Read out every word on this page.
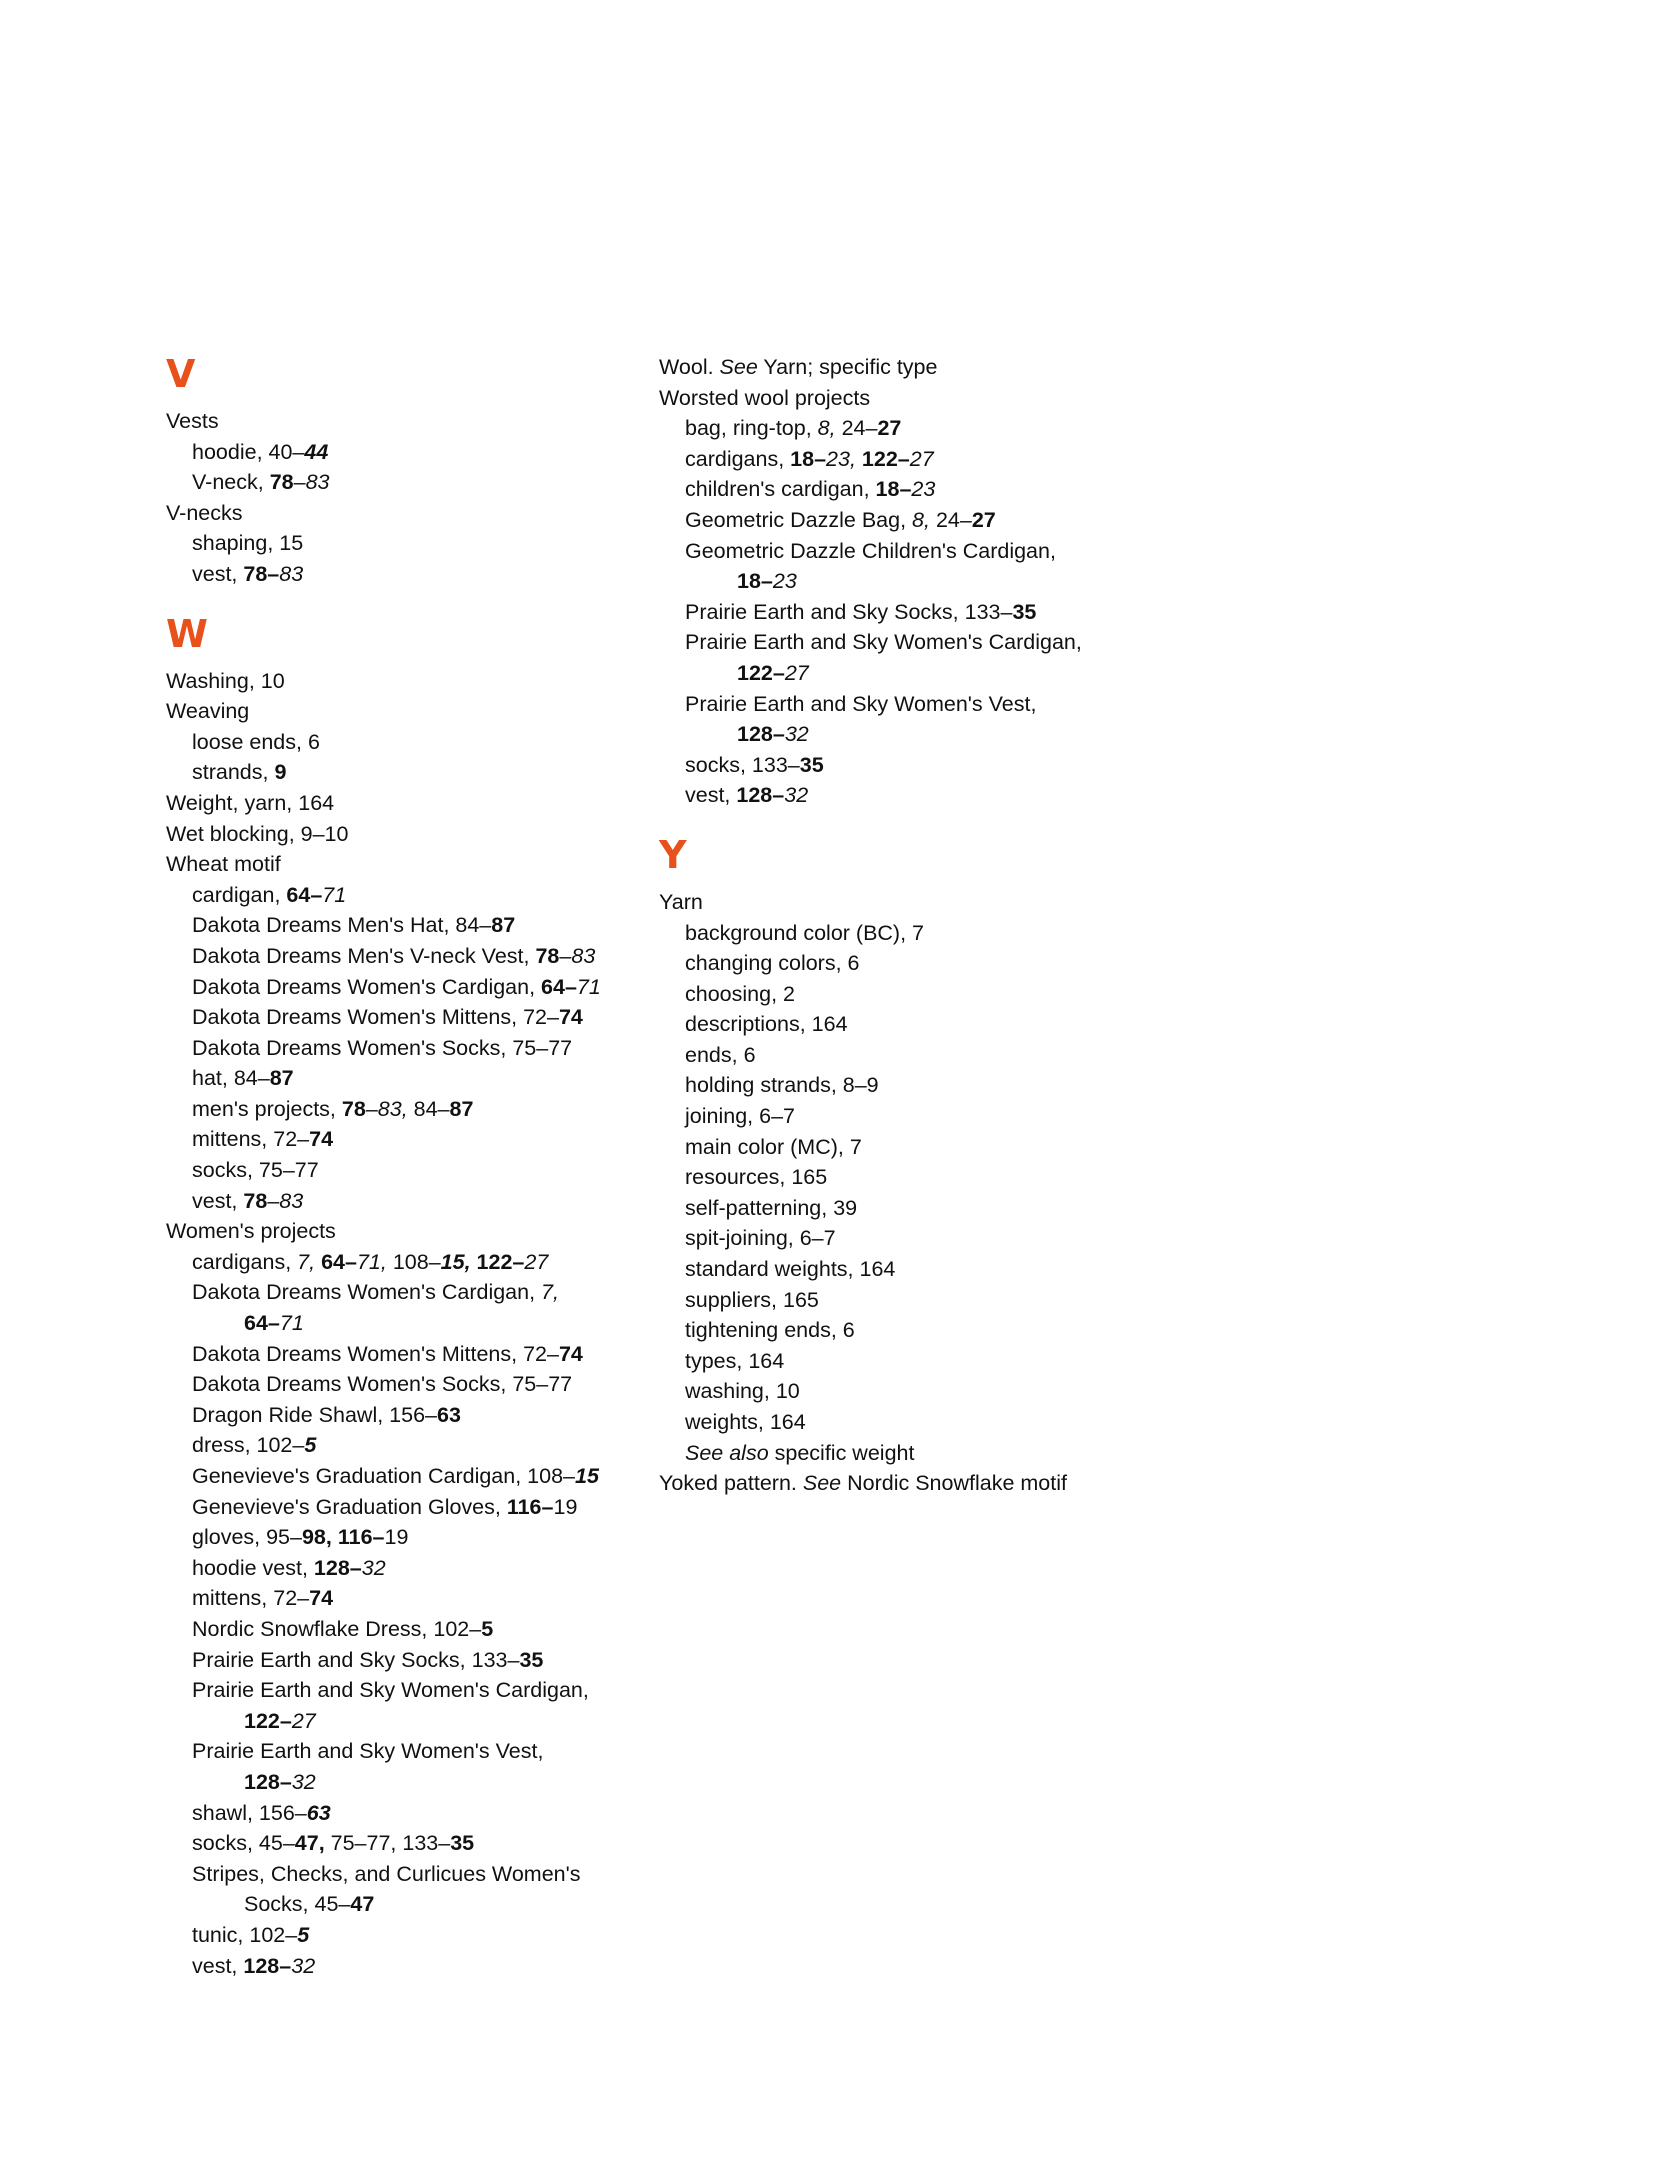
V
Vests
hoodie, 40–44
V-neck, 78–83
V-necks
shaping, 15
vest, 78–83
W
Washing, 10
Weaving
loose ends, 6
strands, 9
Weight, yarn, 164
Wet blocking, 9–10
Wheat motif
cardigan, 64–71
Dakota Dreams Men's Hat, 84–87
Dakota Dreams Men's V-neck Vest, 78–83
Dakota Dreams Women's Cardigan, 64–71
Dakota Dreams Women's Mittens, 72–74
Dakota Dreams Women's Socks, 75–77
hat, 84–87
men's projects, 78–83, 84–87
mittens, 72–74
socks, 75–77
vest, 78–83
Women's projects
cardigans, 7, 64–71, 108–15, 122–27
Dakota Dreams Women's Cardigan, 7,
64–71
Dakota Dreams Women's Mittens, 72–74
Dakota Dreams Women's Socks, 75–77
Dragon Ride Shawl, 156–63
dress, 102–5
Genevieve's Graduation Cardigan, 108–15
Genevieve's Graduation Gloves, 116–19
gloves, 95–98, 116–19
hoodie vest, 128–32
mittens, 72–74
Nordic Snowflake Dress, 102–5
Prairie Earth and Sky Socks, 133–35
Prairie Earth and Sky Women's Cardigan,
122–27
Prairie Earth and Sky Women's Vest,
128–32
shawl, 156–63
socks, 45–47, 75–77, 133–35
Stripes, Checks, and Curlicues Women's
Socks, 45–47
tunic, 102–5
vest, 128–32
Wool. See Yarn; specific type
Worsted wool projects
bag, ring-top, 8, 24–27
cardigans, 18–23, 122–27
children's cardigan, 18–23
Geometric Dazzle Bag, 8, 24–27
Geometric Dazzle Children's Cardigan,
18–23
Prairie Earth and Sky Socks, 133–35
Prairie Earth and Sky Women's Cardigan,
122–27
Prairie Earth and Sky Women's Vest,
128–32
socks, 133–35
vest, 128–32
Y
Yarn
background color (BC), 7
changing colors, 6
choosing, 2
descriptions, 164
ends, 6
holding strands, 8–9
joining, 6–7
main color (MC), 7
resources, 165
self-patterning, 39
spit-joining, 6–7
standard weights, 164
suppliers, 165
tightening ends, 6
types, 164
washing, 10
weights, 164
See also specific weight
Yoked pattern. See Nordic Snowflake motif
